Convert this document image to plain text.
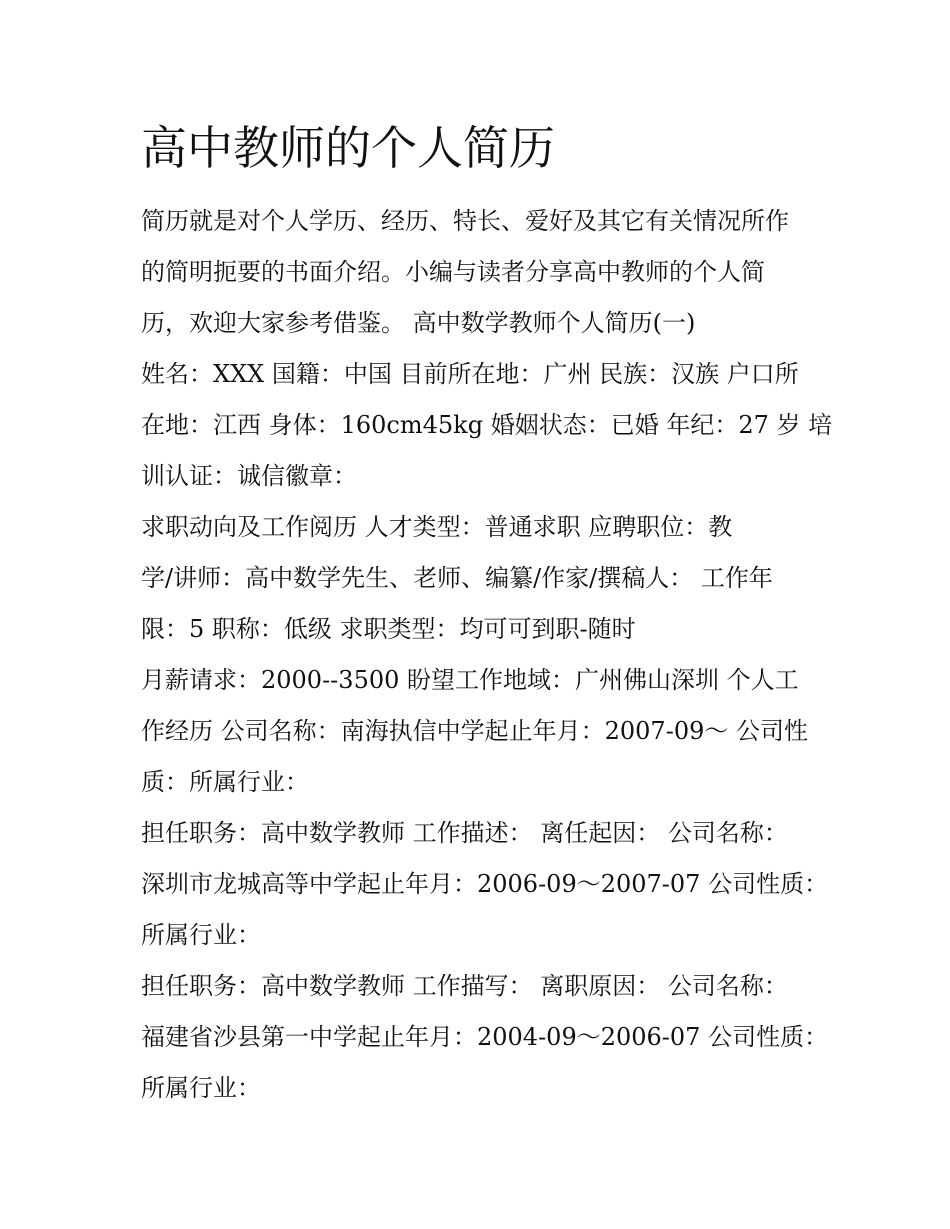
高中教师的个人简历
简历就是对个人学历、经历、特长、爱好及其它有关情况所作
的简明扼要的书面介绍。小编与读者分享高中教师的个人简
历，欢迎大家参考借鉴。 高中数学教师个人简历(一)
姓名：XXX 国籍：中国 目前所在地：广州 民族：汉族 户口所
在地：江西 身体：160cm45kg 婚姻状态：已婚 年纪：27 岁 培
训认证：诚信徽章：
求职动向及工作阅历 人才类型：普通求职 应聘职位：教
学/讲师：高中数学先生、老师、编纂/作家/撰稿人： 工作年
限：5 职称：低级 求职类型：均可可到职-随时
月薪请求：2000--3500 盼望工作地域：广州佛山深圳 个人工
作经历 公司名称：南海执信中学起止年月：2007-09～ 公司性
质：所属行业：
担任职务：高中数学教师 工作描述： 离任起因： 公司名称：
深圳市龙城高等中学起止年月：2006-09～2007-07 公司性质：
所属行业：
担任职务：高中数学教师 工作描写： 离职原因： 公司名称：
福建省沙县第一中学起止年月：2004-09～2006-07 公司性质：
所属行业：
